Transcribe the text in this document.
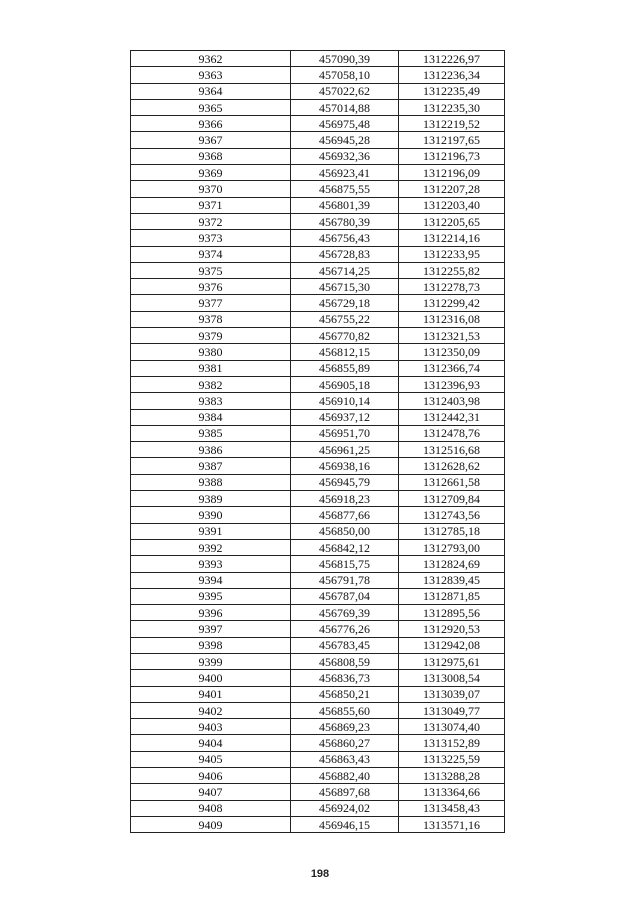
9362	457090,39	1312226,97
9363	457058,10	1312236,34
9364	457022,62	1312235,49
9365	457014,88	1312235,30
9366	456975,48	1312219,52
9367	456945,28	1312197,65
9368	456932,36	1312196,73
9369	456923,41	1312196,09
9370	456875,55	1312207,28
9371	456801,39	1312203,40
9372	456780,39	1312205,65
9373	456756,43	1312214,16
9374	456728,83	1312233,95
9375	456714,25	1312255,82
9376	456715,30	1312278,73
9377	456729,18	1312299,42
9378	456755,22	1312316,08
9379	456770,82	1312321,53
9380	456812,15	1312350,09
9381	456855,89	1312366,74
9382	456905,18	1312396,93
9383	456910,14	1312403,98
9384	456937,12	1312442,31
9385	456951,70	1312478,76
9386	456961,25	1312516,68
9387	456938,16	1312628,62
9388	456945,79	1312661,58
9389	456918,23	1312709,84
9390	456877,66	1312743,56
9391	456850,00	1312785,18
9392	456842,12	1312793,00
9393	456815,75	1312824,69
9394	456791,78	1312839,45
9395	456787,04	1312871,85
9396	456769,39	1312895,56
9397	456776,26	1312920,53
9398	456783,45	1312942,08
9399	456808,59	1312975,61
9400	456836,73	1313008,54
9401	456850,21	1313039,07
9402	456855,60	1313049,77
9403	456869,23	1313074,40
9404	456860,27	1313152,89
9405	456863,43	1313225,59
9406	456882,40	1313288,28
9407	456897,68	1313364,66
9408	456924,02	1313458,43
9409	456946,15	1313571,16
198
